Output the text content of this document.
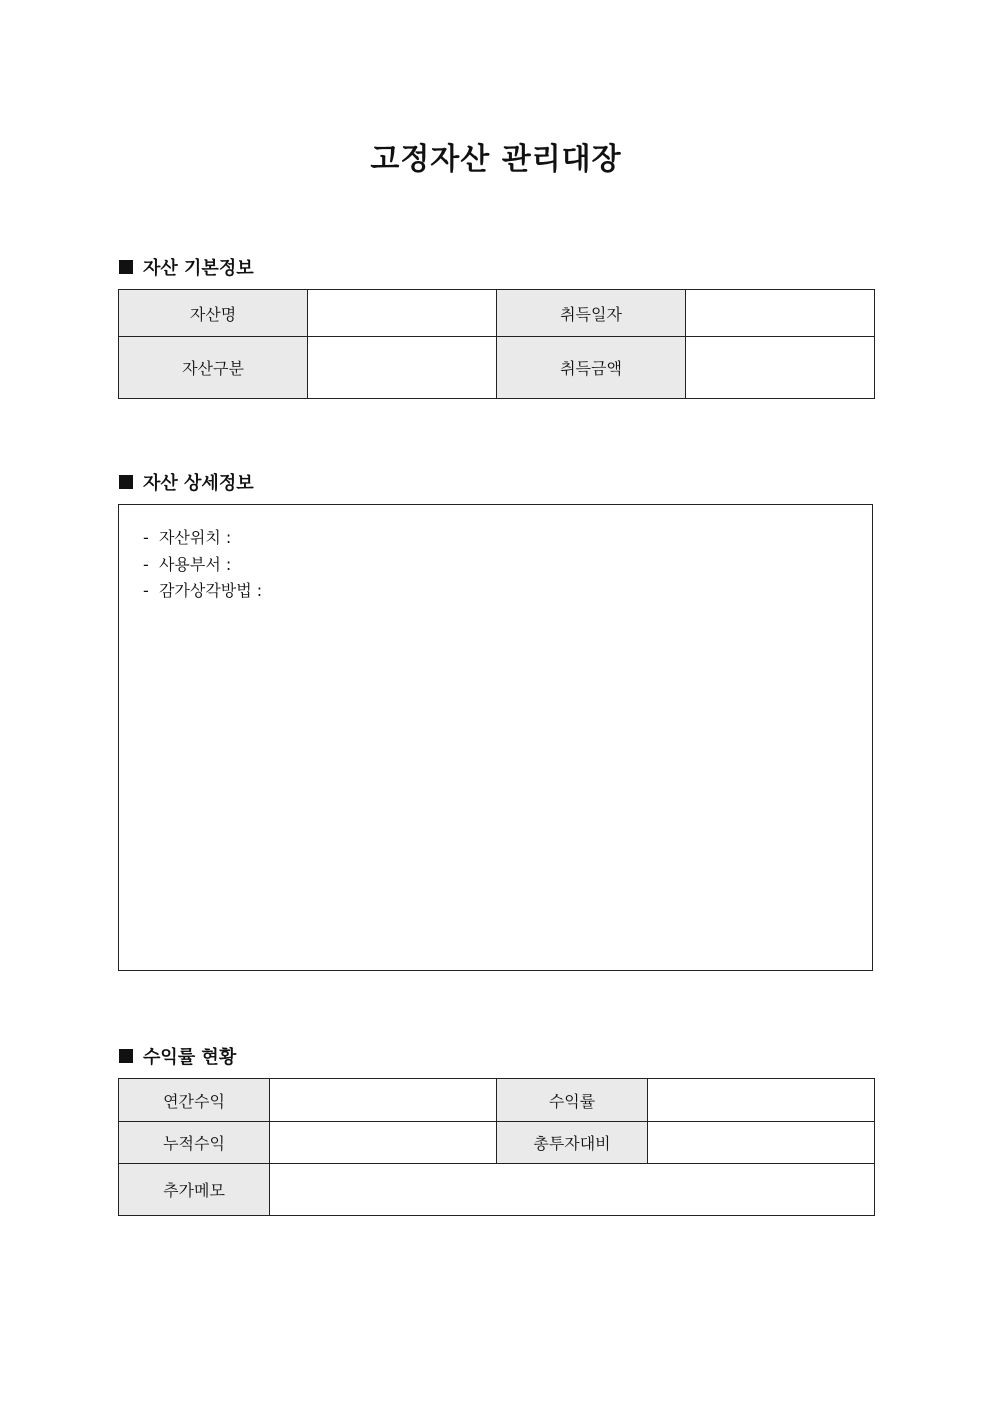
고정자산 관리대장
자산 기본정보
자산명		취득일자	
자산구분		취득금액	
자산 상세정보
-  자산위치 :
-  사용부서 :
-  감가상각방법 :
수익률 현황
연간수익		수익률	
누적수익		총투자대비	
추가메모			
